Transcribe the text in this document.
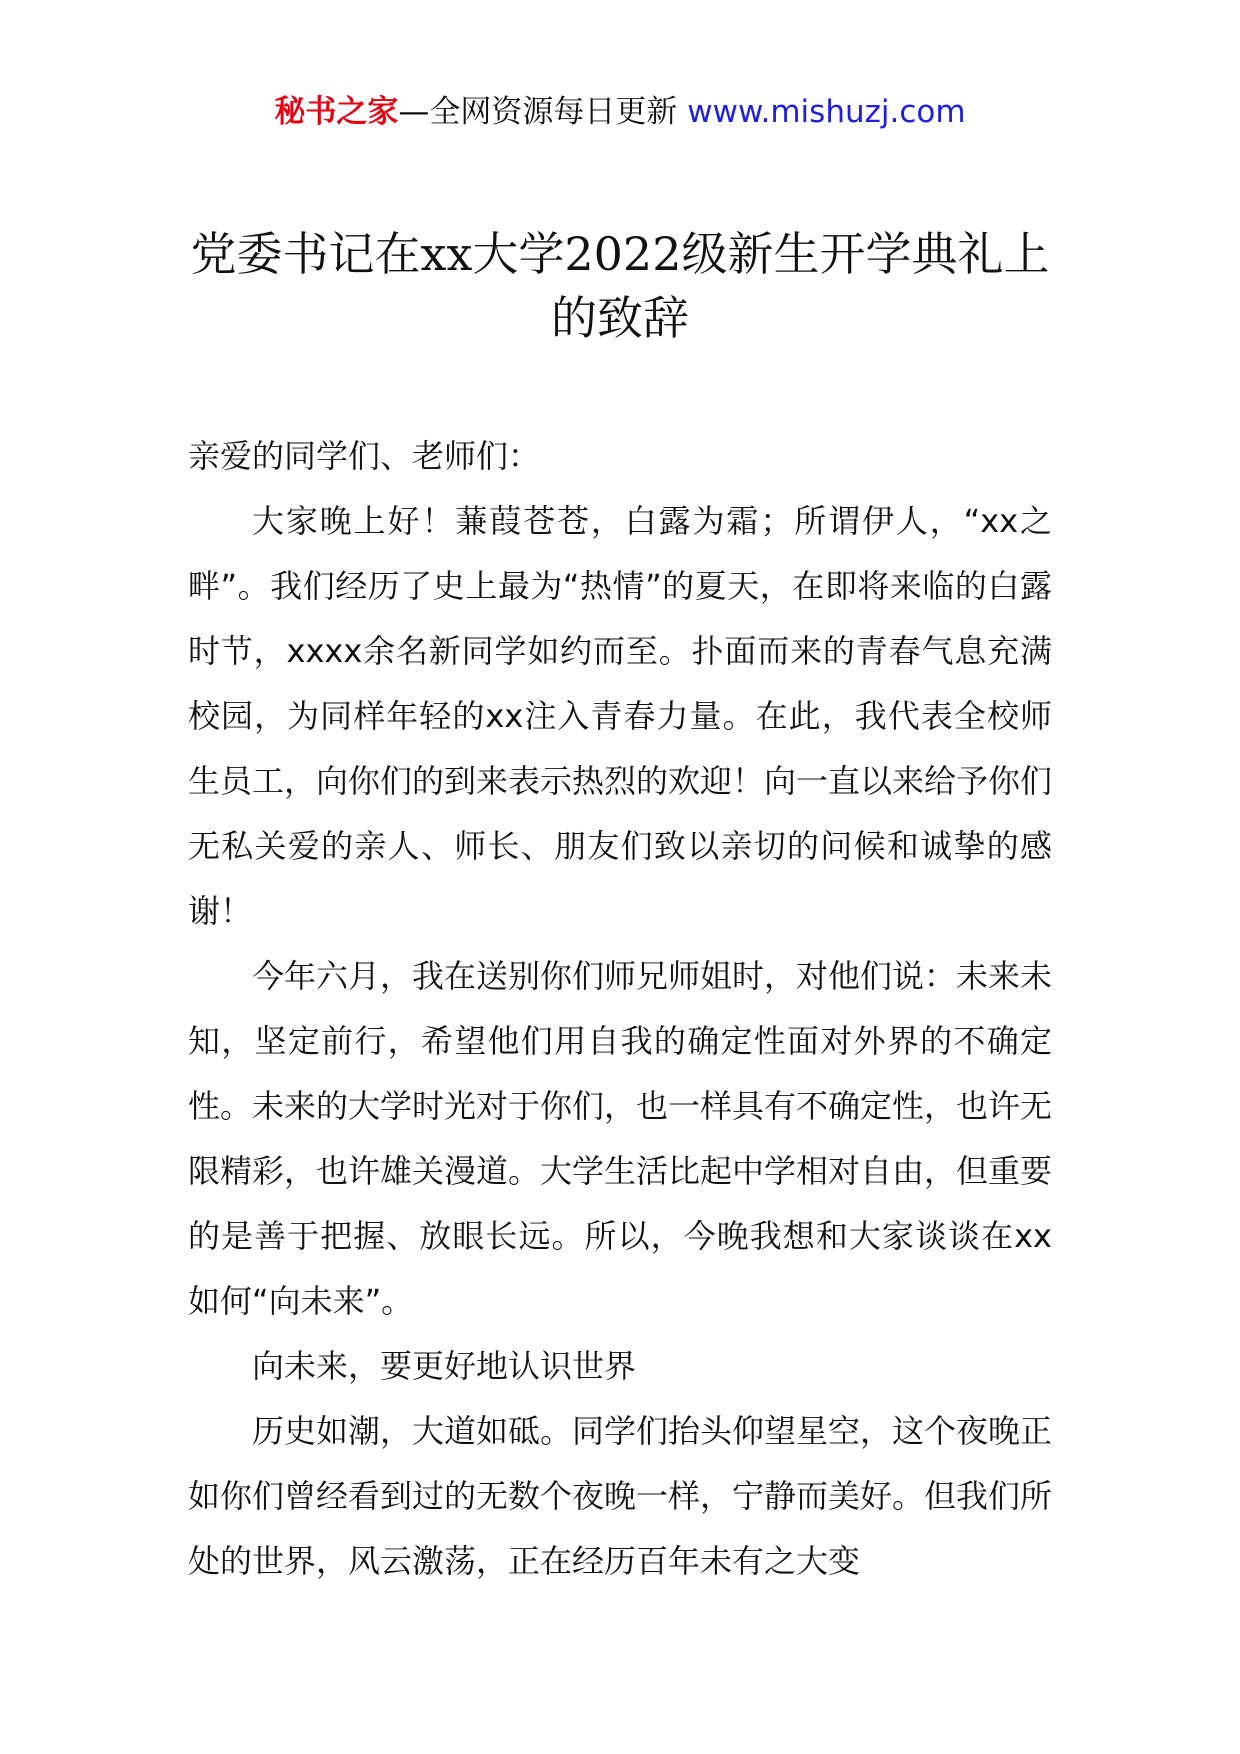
秘书之家—全网资源每日更新 www.mishuzj.com
党委书记在xx大学2022级新生开学典礼上的致辞

亲爱的同学们、老师们：

大家晚上好！蒹葭苍苍，白露为霜；所谓伊人，“xx之畔”。我们经历了史上最为“热情”的夏天，在即将来临的白露时节，xxxx余名新同学如约而至。扑面而来的青春气息充满校园，为同样年轻的xx注入青春力量。在此，我代表全校师生员工，向你们的到来表示热烈的欢迎！向一直以来给予你们无私关爱的亲人、师长、朋友们致以亲切的问候和诚挚的感谢！

今年六月，我在送别你们师兄师姐时，对他们说：未来未知，坚定前行，希望他们用自我的确定性面对外界的不确定性。未来的大学时光对于你们，也一样具有不确定性，也许无限精彩，也许雄关漫道。大学生活比起中学相对自由，但重要的是善于把握、放眼长远。所以，今晚我想和大家谈谈在xx如何“向未来”。

向未来，要更好地认识世界

历史如潮，大道如砥。同学们抬头仰望星空，这个夜晚正如你们曾经看到过的无数个夜晚一样，宁静而美好。但我们所处的世界，风云激荡，正在经历百年未有之大变
